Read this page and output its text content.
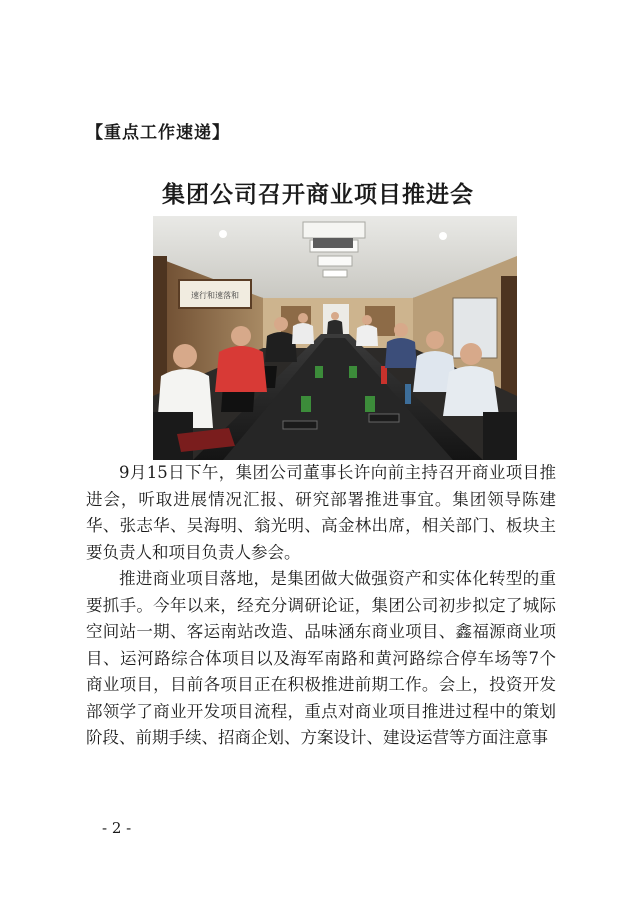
【重点工作速递】
集团公司召开商业项目推进会
速行和速落和

9月15日下午，集团公司董事长许向前主持召开商业项目推进会，听取进展情况汇报、研究部署推进事宜。集团领导陈建华、张志华、吴海明、翁光明、高金林出席，相关部门、板块主要负责人和项目负责人参会。

推进商业项目落地，是集团做大做强资产和实体化转型的重要抓手。今年以来，经充分调研论证，集团公司初步拟定了城际空间站一期、客运南站改造、品味涵东商业项目、鑫福源商业项目、运河路综合体项目以及海军南路和黄河路综合停车场等7个商业项目，目前各项目正在积极推进前期工作。会上，投资开发部领学了商业开发项目流程，重点对商业项目推进过程中的策划阶段、前期手续、招商企划、方案设计、建设运营等方面注意事

- 2 -
